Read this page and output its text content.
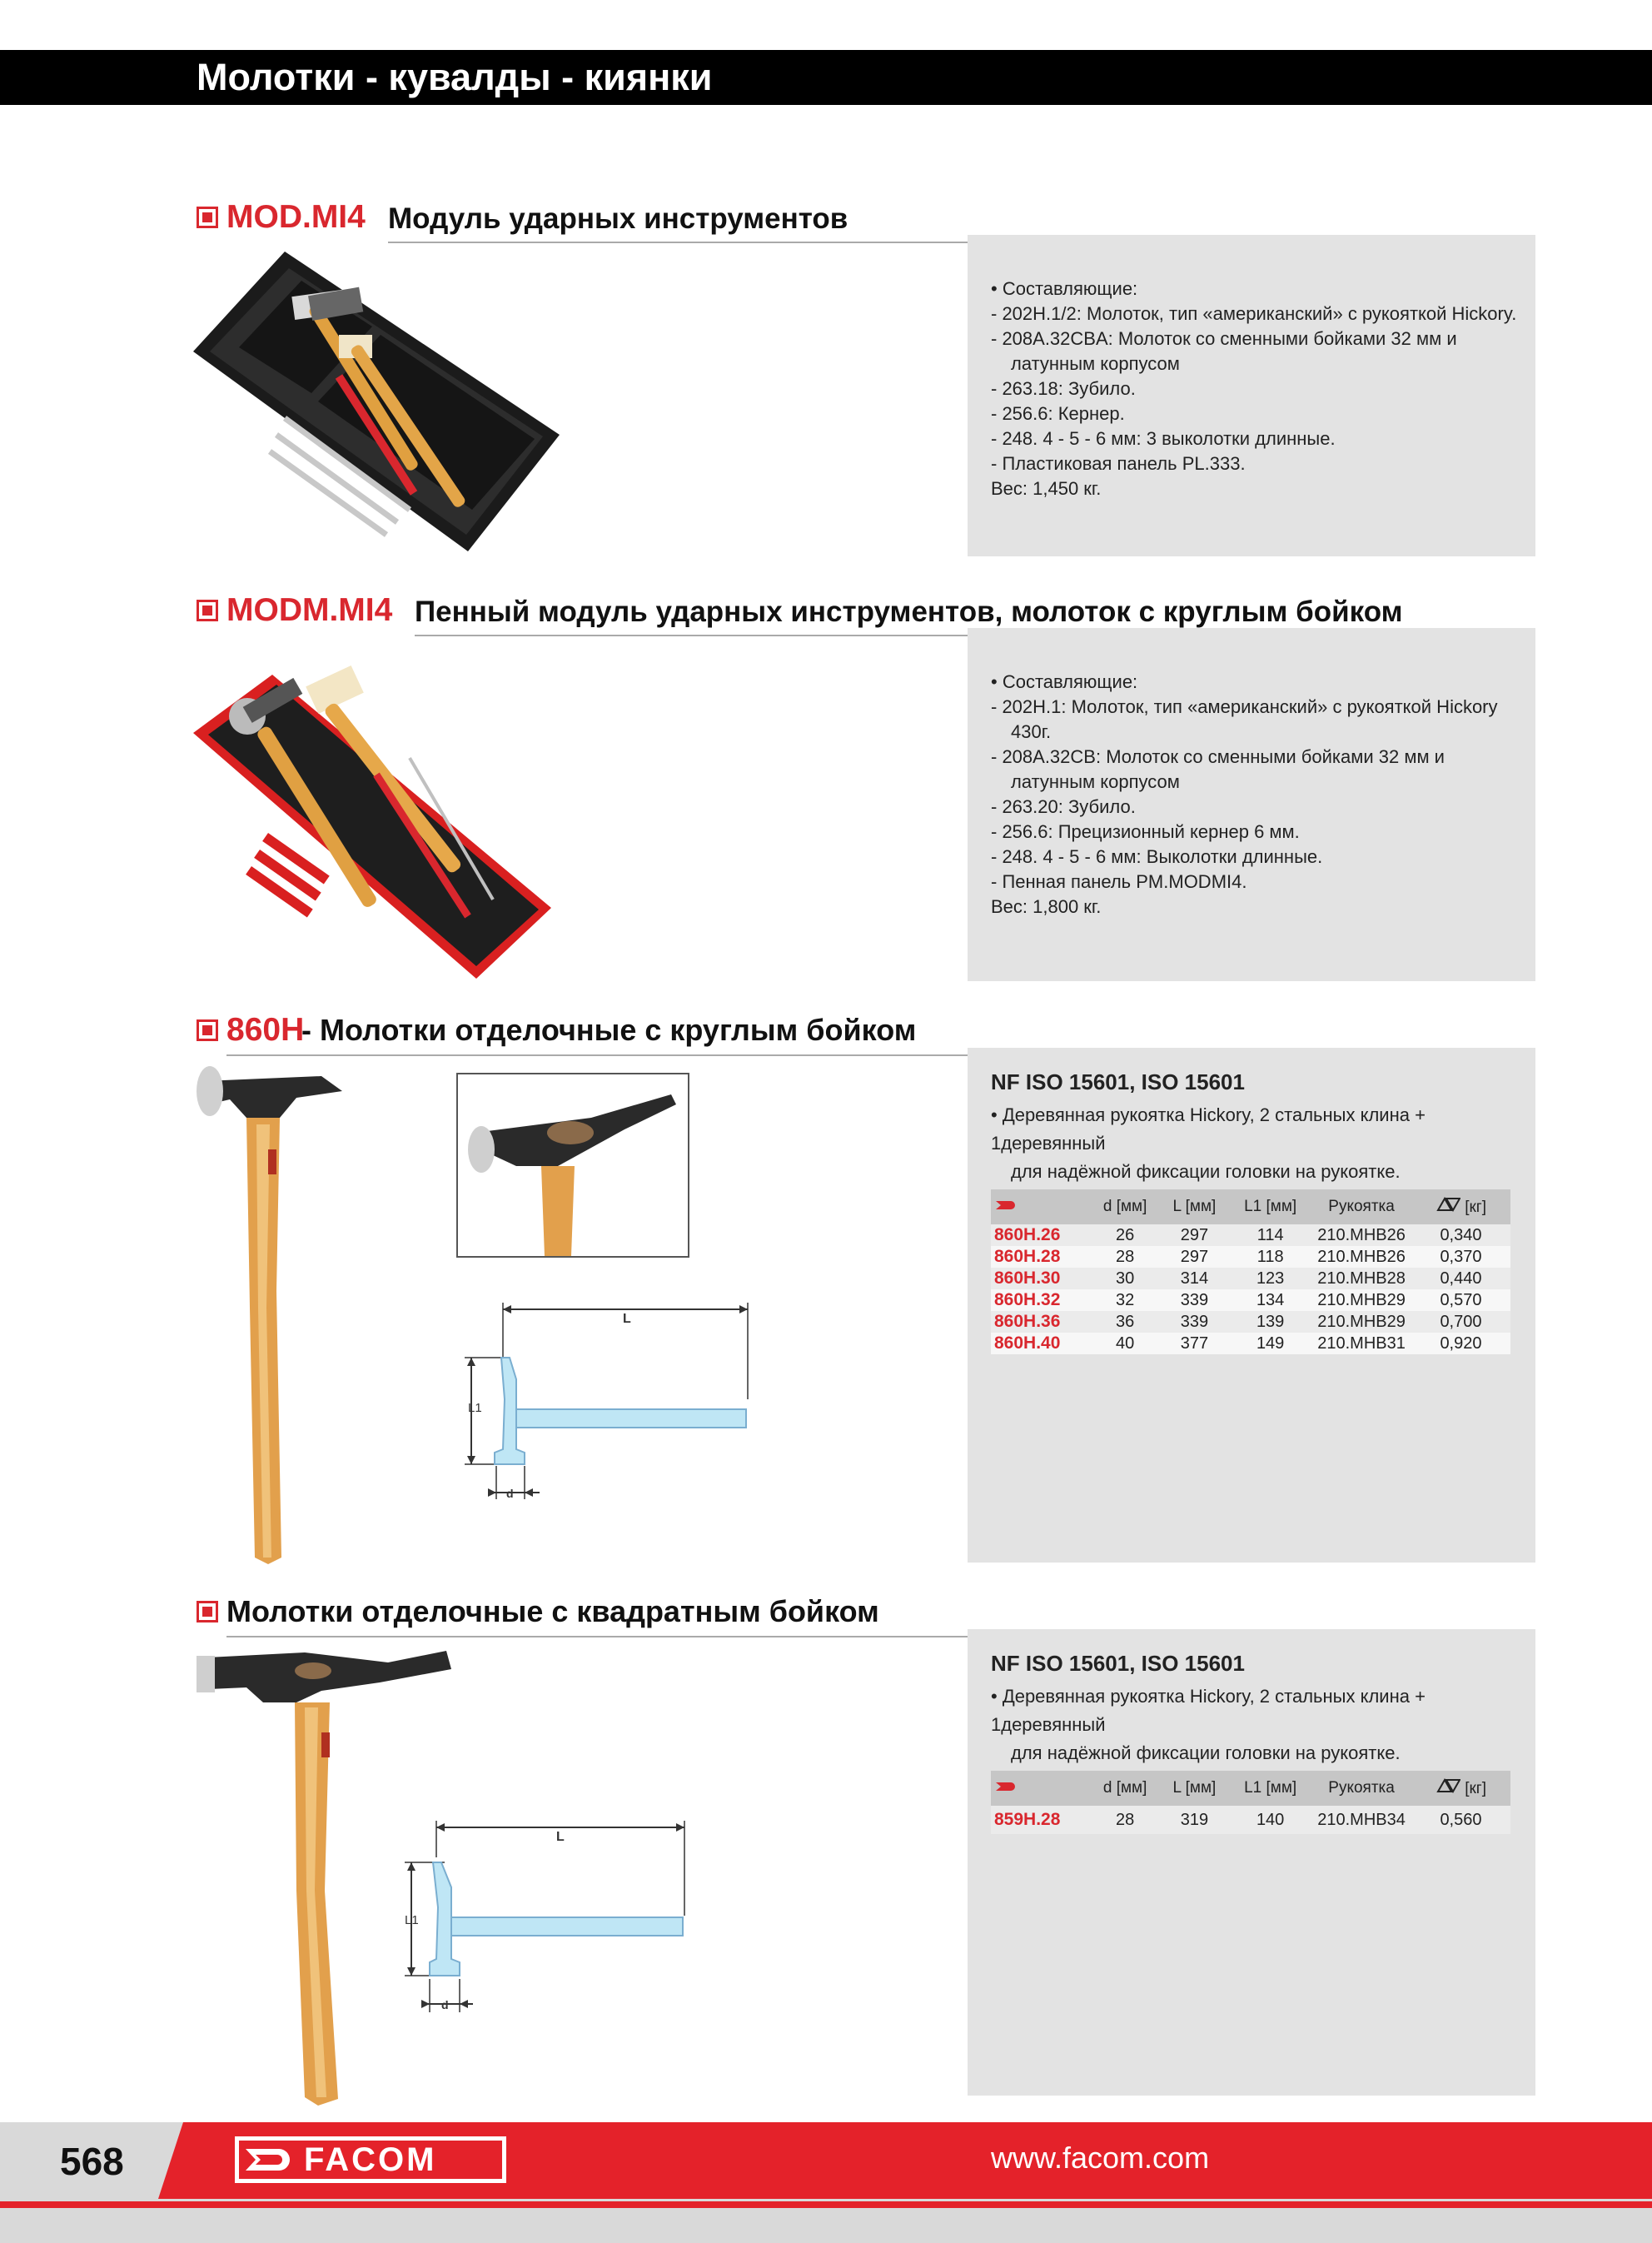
Молотки - кувалды - киянки
MOD.MI4 Модуль ударных инструментов
• Составляющие:
- 202H.1/2: Молоток, тип «американский» с рукояткой Hickory.
- 208A.32CBA: Молоток со сменными бойками 32 мм и
латунным корпусом
- 263.18: Зубило.
- 256.6: Кернер.
- 248. 4 - 5 - 6 мм: 3 выколотки длинные.
- Пластиковая панель PL.333.
Вес: 1,450 кг.
MODM.MI4 Пенный модуль ударных инструментов, молоток с круглым бойком
• Составляющие:
- 202H.1: Молоток, тип «американский» с рукояткой Hickory
430г.
- 208A.32CB: Молоток со сменными бойками 32 мм и
латунным корпусом
- 263.20: Зубило.
- 256.6: Прецизионный кернер 6 мм.
- 248. 4 - 5 - 6 мм: Выколотки длинные.
- Пенная панель PM.MODMI4.
Вес: 1,800 кг.
860H
- Молотки отделочные с круглым бойком
L
L1
d
NF ISO 15601, ISO 15601
• Деревянная рукоятка Hickory, 2 стальных клина + 1деревянный
для надёжной фиксации головки на рукоятке.
	d [мм]	L [мм]	L1 [мм]	Рукоятка	[кг]
860H.26	26	297	114	210.MHB26	0,340
860H.28	28	297	118	210.MHB26	0,370
860H.30	30	314	123	210.MHB28	0,440
860H.32	32	339	134	210.MHB29	0,570
860H.36	36	339	139	210.MHB29	0,700
860H.40	40	377	149	210.MHB31	0,920
Молотки отделочные с квадратным бойком
L
L1
d
NF ISO 15601, ISO 15601
• Деревянная рукоятка Hickory, 2 стальных клина + 1деревянный
для надёжной фиксации головки на рукоятке.
	d [мм]	L [мм]	L1 [мм]	Рукоятка	[кг]
859H.28	28	319	140	210.MHB34	0,560
568	FACOM	www.facom.com
